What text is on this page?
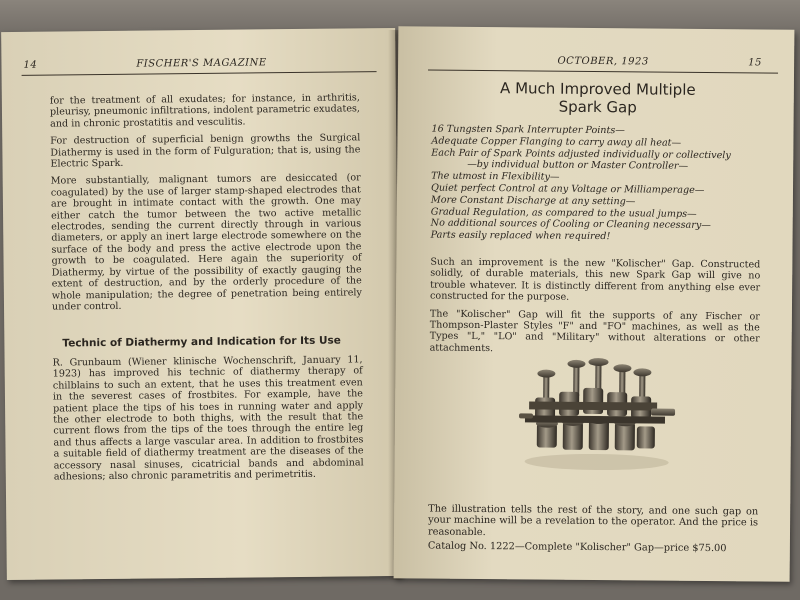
14	FISCHER'S MAGAZINE

for the treatment of all exudates; for instance, in arthritis, pleurisy, pneumonic infiltrations, indolent parametric exudates, and in chronic prostatitis and vesculitis.

For destruction of superficial benign growths the Surgical Diathermy is used in the form of Fulguration; that is, using the Electric Spark.

More substantially, malignant tumors are desiccated (or coagulated) by the use of larger stamp-shaped electrodes that are brought in intimate contact with the growth. One may either catch the tumor between the two active metallic electrodes, sending the current directly through in various diameters, or apply an inert large electrode somewhere on the surface of the body and press the active electrode upon the growth to be coagulated. Here again the superiority of Diathermy, by virtue of the possibility of exactly gauging the extent of destruction, and by the orderly procedure of the whole manipulation; the degree of penetration being entirely under control.

Technic of Diathermy and Indication for Its Use

R. Grunbaum (Wiener klinische Wochenschrift, January 11, 1923) has improved his technic of diathermy therapy of chilblains to such an extent, that he uses this treatment even in the severest cases of frostbites. For example, have the patient place the tips of his toes in running water and apply the other electrode to both thighs, with the result that the current flows from the tips of the toes through the entire leg and thus affects a large vascular area. In addition to frostbites a suitable field of diathermy treatment are the diseases of the accessory nasal sinuses, cicatricial bands and abdominal adhesions; also chronic parametritis and perimetritis.

OCTOBER, 1923	15
A Much Improved Multiple
Spark Gap
16 Tungsten Spark Interrupter Points—
Adequate Copper Flanging to carry away all heat—
Each Pair of Spark Points adjusted individually or collectively
—by individual button or Master Controller—
The utmost in Flexibility—
Quiet perfect Control at any Voltage or Milliamperage—
More Constant Discharge at any setting—
Gradual Regulation, as compared to the usual jumps—
No additional sources of Cooling or Cleaning necessary—
Parts easily replaced when required!

Such an improvement is the new "Kolischer" Gap. Constructed solidly, of durable materials, this new Spark Gap will give no trouble whatever. It is distinctly different from anything else ever constructed for the purpose.

The "Kolischer" Gap will fit the supports of any Fischer or Thompson-Plaster Styles "F" and "FO" machines, as well as the Types "L," "LO" and "Military" without alterations or other attachments.

The illustration tells the rest of the story, and one such gap on your machine will be a revelation to the operator. And the price is reasonable.
Catalog No. 1222—Complete "Kolischer" Gap—price $75.00
